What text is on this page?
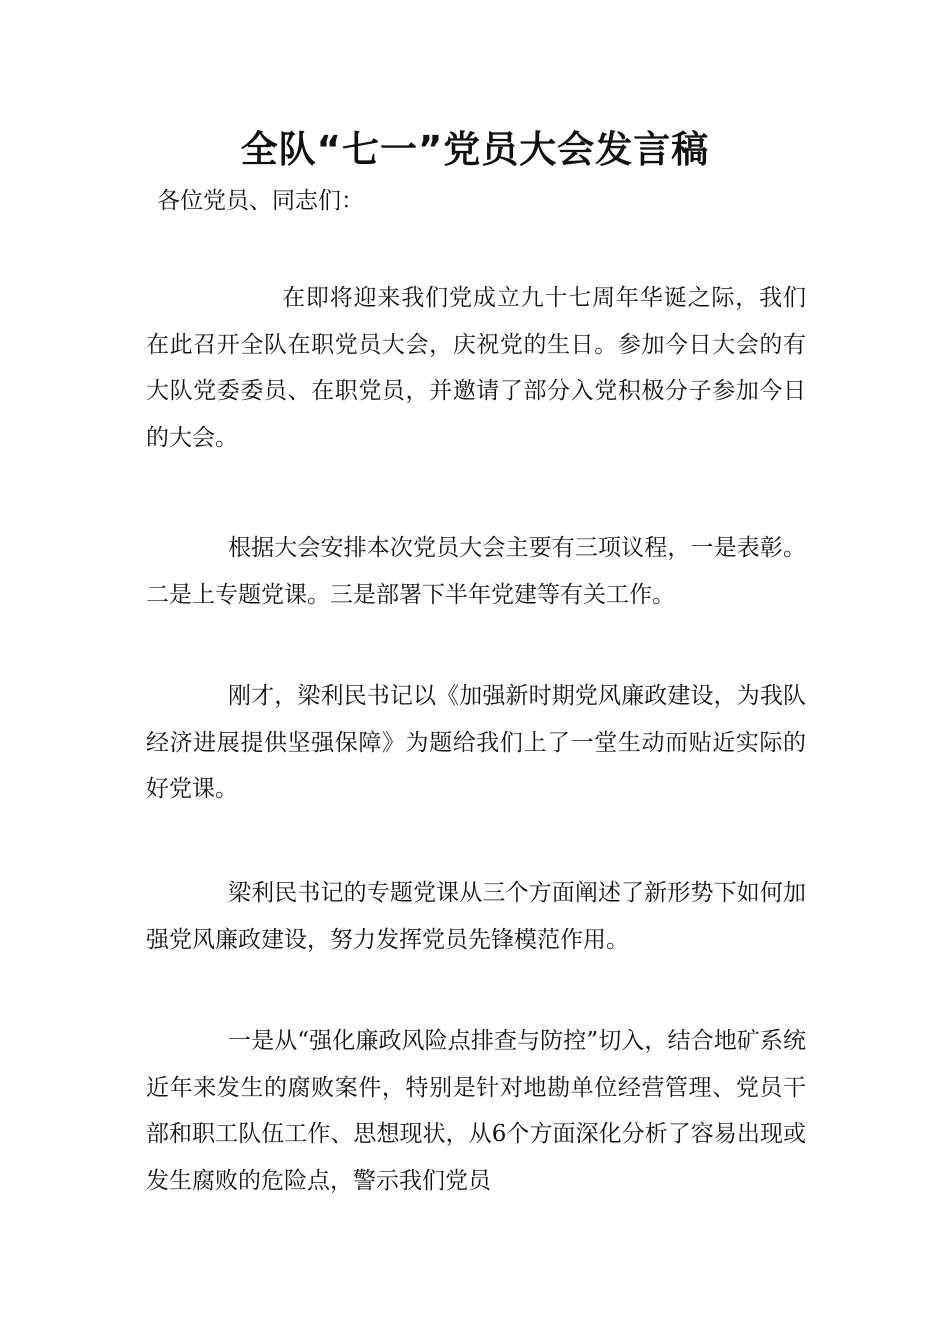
全队“七一”党员大会发言稿

各位党员、同志们：

在即将迎来我们党成立九十七周年华诞之际，我们在此召开全队在职党员大会，庆祝党的生日。参加今日大会的有大队党委委员、在职党员，并邀请了部分入党积极分子参加今日的大会。

根据大会安排本次党员大会主要有三项议程，一是表彰。二是上专题党课。三是部署下半年党建等有关工作。

刚才，梁利民书记以《加强新时期党风廉政建设，为我队经济进展提供坚强保障》为题给我们上了一堂生动而贴近实际的好党课。

梁利民书记的专题党课从三个方面阐述了新形势下如何加强党风廉政建设，努力发挥党员先锋模范作用。

一是从“强化廉政风险点排查与防控”切入，结合地矿系统近年来发生的腐败案件，特别是针对地勘单位经营管理、党员干部和职工队伍工作、思想现状，从6个方面深化分析了容易出现或发生腐败的危险点，警示我们党员
